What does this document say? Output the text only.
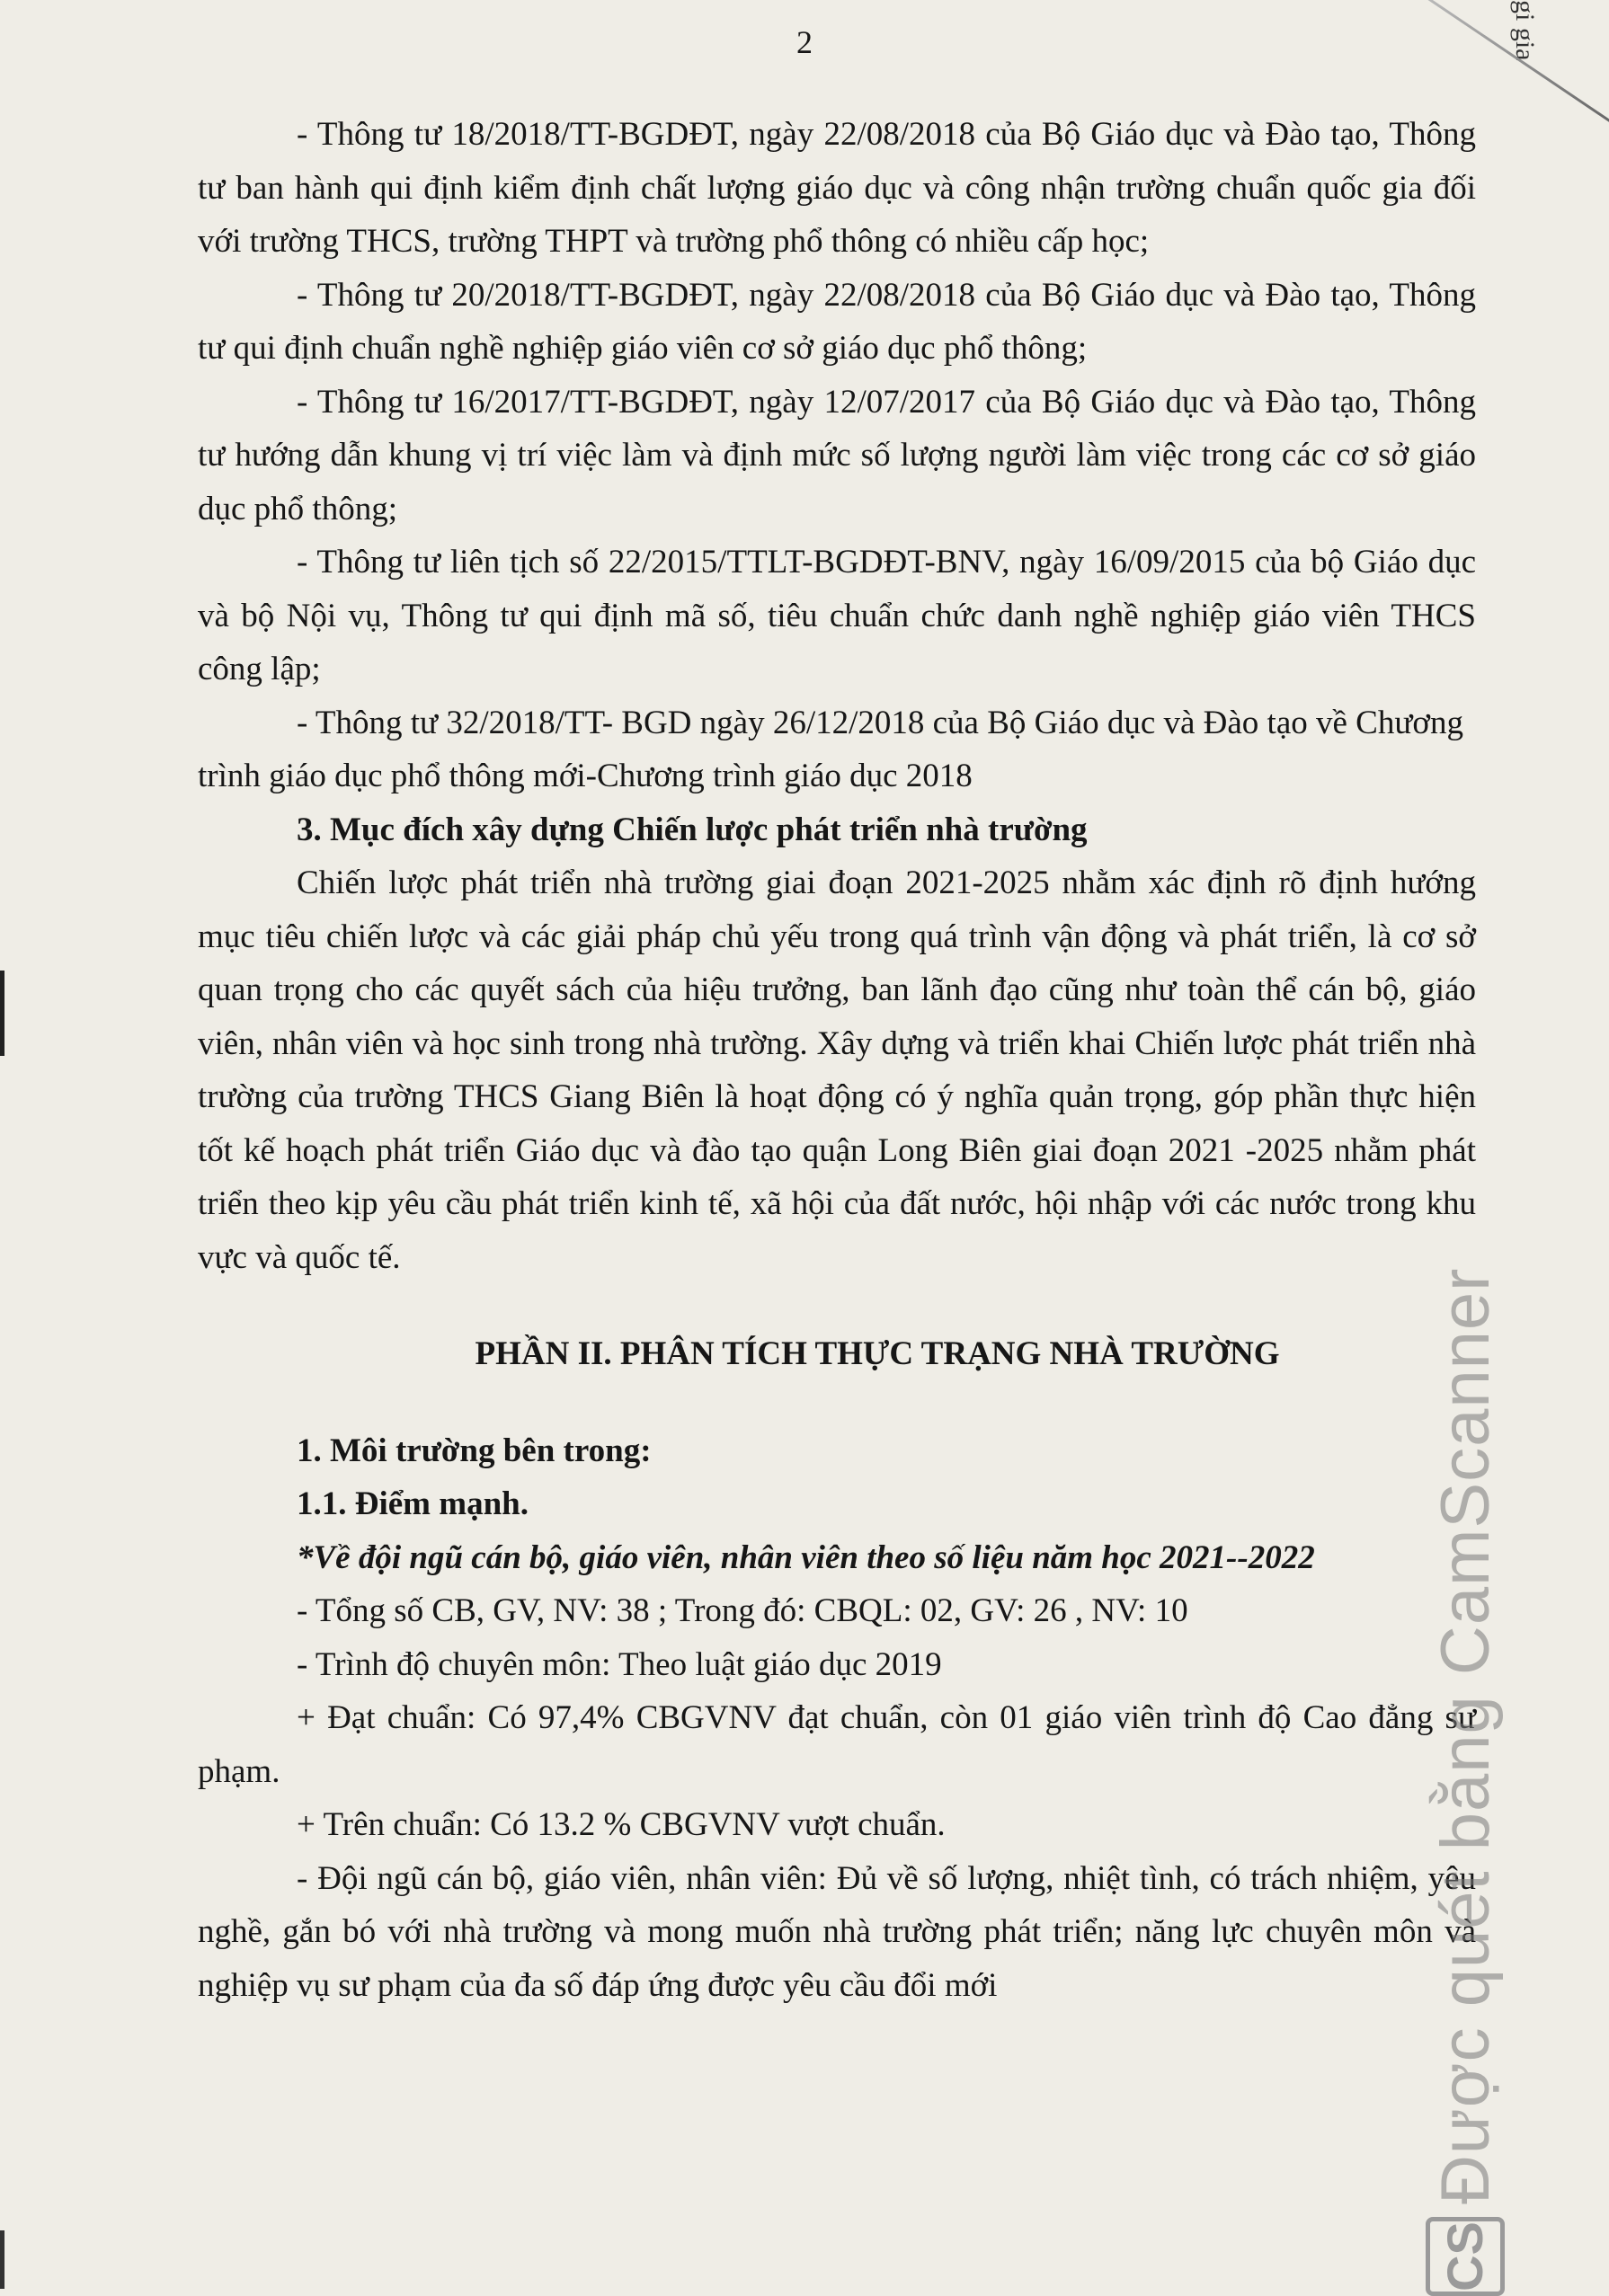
2	gi gia

- Thông tư 18/2018/TT-BGDĐT, ngày 22/08/2018 của Bộ Giáo dục và Đào tạo, Thông tư ban hành qui định kiểm định chất lượng giáo dục và công nhận trường chuẩn quốc gia đối với trường THCS, trường THPT và trường phổ thông có nhiều cấp học;

- Thông tư 20/2018/TT-BGDĐT, ngày 22/08/2018 của Bộ Giáo dục và Đào tạo, Thông tư qui định chuẩn nghề nghiệp giáo viên cơ sở giáo dục phổ thông;

- Thông tư 16/2017/TT-BGDĐT, ngày 12/07/2017 của Bộ Giáo dục và Đào tạo, Thông tư hướng dẫn khung vị trí việc làm và định mức số lượng người làm việc trong các cơ sở giáo dục phổ thông;

- Thông tư liên tịch số 22/2015/TTLT-BGDĐT-BNV, ngày 16/09/2015 của bộ Giáo dục và bộ Nội vụ, Thông tư qui định mã số, tiêu chuẩn chức danh nghề nghiệp giáo viên THCS công lập;

- Thông tư 32/2018/TT- BGD ngày 26/12/2018 của Bộ Giáo dục và Đào tạo về Chương trình giáo dục phổ thông mới-Chương trình giáo dục 2018

3. Mục đích xây dựng Chiến lược phát triển nhà trường

Chiến lược phát triển nhà trường giai đoạn 2021-2025 nhằm xác định rõ định hướng mục tiêu chiến lược và các giải pháp chủ yếu trong quá trình vận động và phát triển, là cơ sở quan trọng cho các quyết sách của hiệu trưởng, ban lãnh đạo cũng như toàn thể cán bộ, giáo viên, nhân viên và học sinh trong nhà trường. Xây dựng và triển khai Chiến lược phát triển nhà trường của trường THCS Giang Biên là hoạt động có ý nghĩa quản trọng, góp phần thực hiện tốt kế hoạch phát triển Giáo dục và đào tạo quận Long Biên giai đoạn 2021 -2025 nhằm phát triển theo kịp yêu cầu phát triển kinh tế, xã hội của đất nước, hội nhập với các nước trong khu vực và quốc tế.

PHẦN II. PHÂN TÍCH THỰC TRẠNG NHÀ TRƯỜNG

1. Môi trường bên trong:

1.1. Điểm mạnh.

*Về đội ngũ cán bộ, giáo viên, nhân viên theo số liệu năm học 2021--2022

- Tổng số CB, GV, NV: 38 ; Trong đó: CBQL: 02, GV: 26 , NV: 10

- Trình độ chuyên môn: Theo luật giáo dục 2019

+ Đạt chuẩn: Có 97,4% CBGVNV đạt chuẩn, còn 01 giáo viên trình độ Cao đẳng sư phạm.

+ Trên chuẩn: Có 13.2 % CBGVNV vượt chuẩn.

- Đội ngũ cán bộ, giáo viên, nhân viên: Đủ về số lượng, nhiệt tình, có trách nhiệm, yêu nghề, gắn bó với nhà trường và mong muốn nhà trường phát triển; năng lực chuyên môn và nghiệp vụ sư phạm của đa số đáp ứng được yêu cầu đổi mới

CS
Được quét bằng CamScanner
